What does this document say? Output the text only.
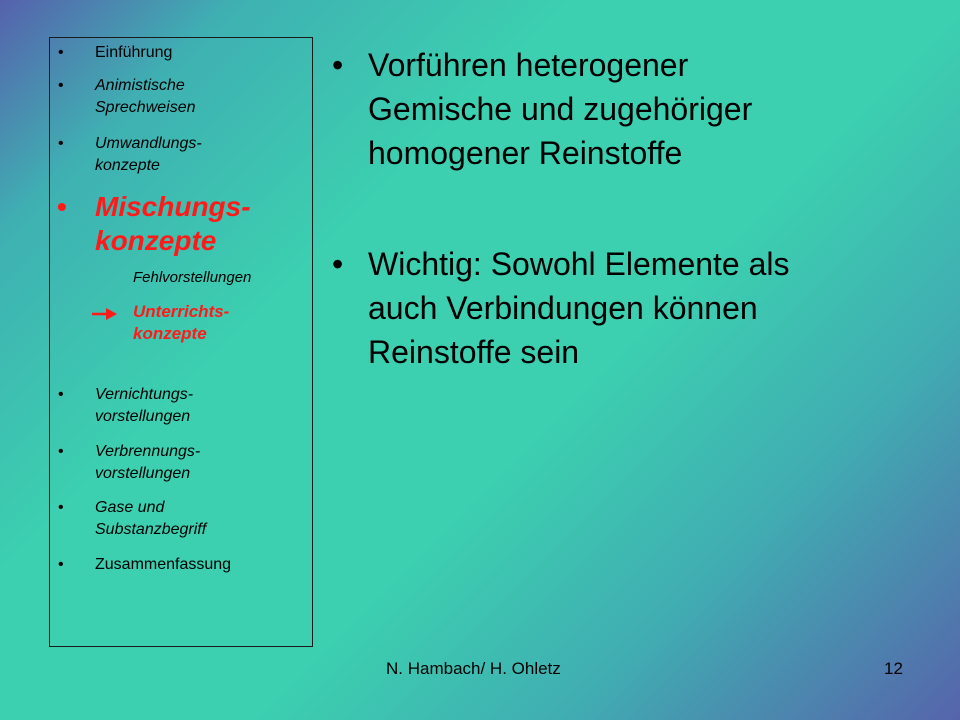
• Einführung
• Animistische
Sprechweisen
• Umwandlungs-
konzepte
• Mischungs-
konzepte
Fehlvorstellungen
Unterrichts-
konzepte
• Vernichtungs-
vorstellungen
• Verbrennungs-
vorstellungen
• Gase und
Substanzbegriff
• Zusammenfassung
• Vorführen heterogener
Gemische und zugehöriger
homogener Reinstoffe
• Wichtig: Sowohl Elemente als
auch Verbindungen können
Reinstoffe sein
N. Hambach/ H. Ohletz	12
